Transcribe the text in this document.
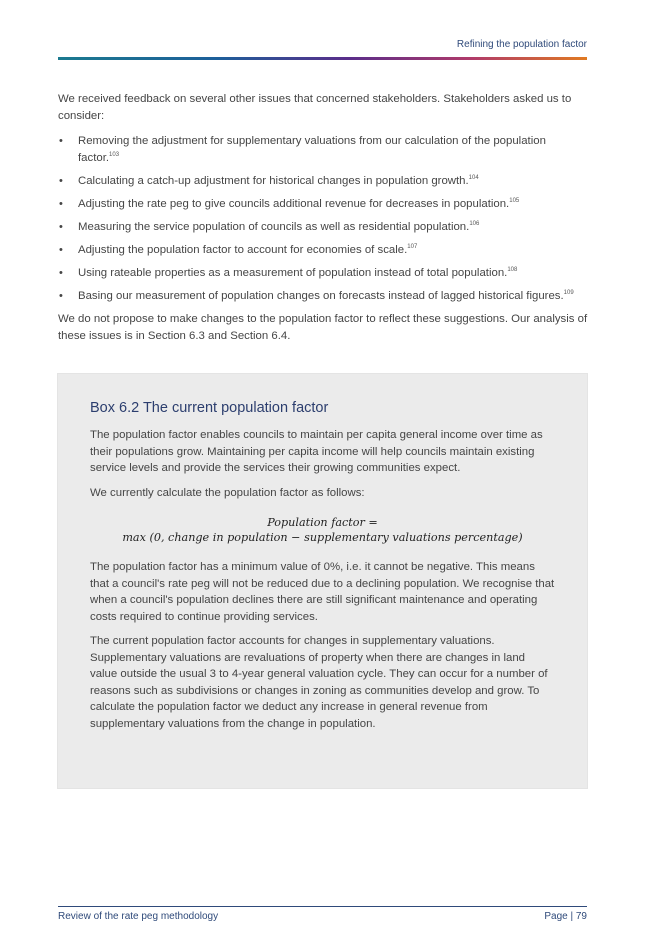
Refining the population factor

We received feedback on several other issues that concerned stakeholders. Stakeholders asked us to consider:

• Removing the adjustment for supplementary valuations from our calculation of the population factor.$^{103}$
• Calculating a catch-up adjustment for historical changes in population growth.$^{104}$
• Adjusting the rate peg to give councils additional revenue for decreases in population.$^{105}$
• Measuring the service population of councils as well as residential population.$^{106}$
• Adjusting the population factor to account for economies of scale.$^{107}$
• Using rateable properties as a measurement of population instead of total population.$^{108}$
• Basing our measurement of population changes on forecasts instead of lagged historical figures.$^{109}$

We do not propose to make changes to the population factor to reflect these suggestions. Our analysis of these issues is in Section 6.3 and Section 6.4.

Box 6.2 The current population factor

The population factor enables councils to maintain per capita general income over time as their populations grow. Maintaining per capita income will help councils maintain existing service levels and provide the services their growing communities expect.

We currently calculate the population factor as follows:

Population factor =
max (0, change in population − supplementary valuations percentage)

The population factor has a minimum value of 0%, i.e. it cannot be negative. This means that a council's rate peg will not be reduced due to a declining population. We recognise that when a council's population declines there are still significant maintenance and operating costs required to continue providing services.

The current population factor accounts for changes in supplementary valuations. Supplementary valuations are revaluations of property when there are changes in land value outside the usual 3 to 4-year general valuation cycle. They can occur for a number of reasons such as subdivisions or changes in zoning as communities develop and grow. To calculate the population factor we deduct any increase in general revenue from supplementary valuations from the change in population.

Review of the rate peg methodology	Page | 79
